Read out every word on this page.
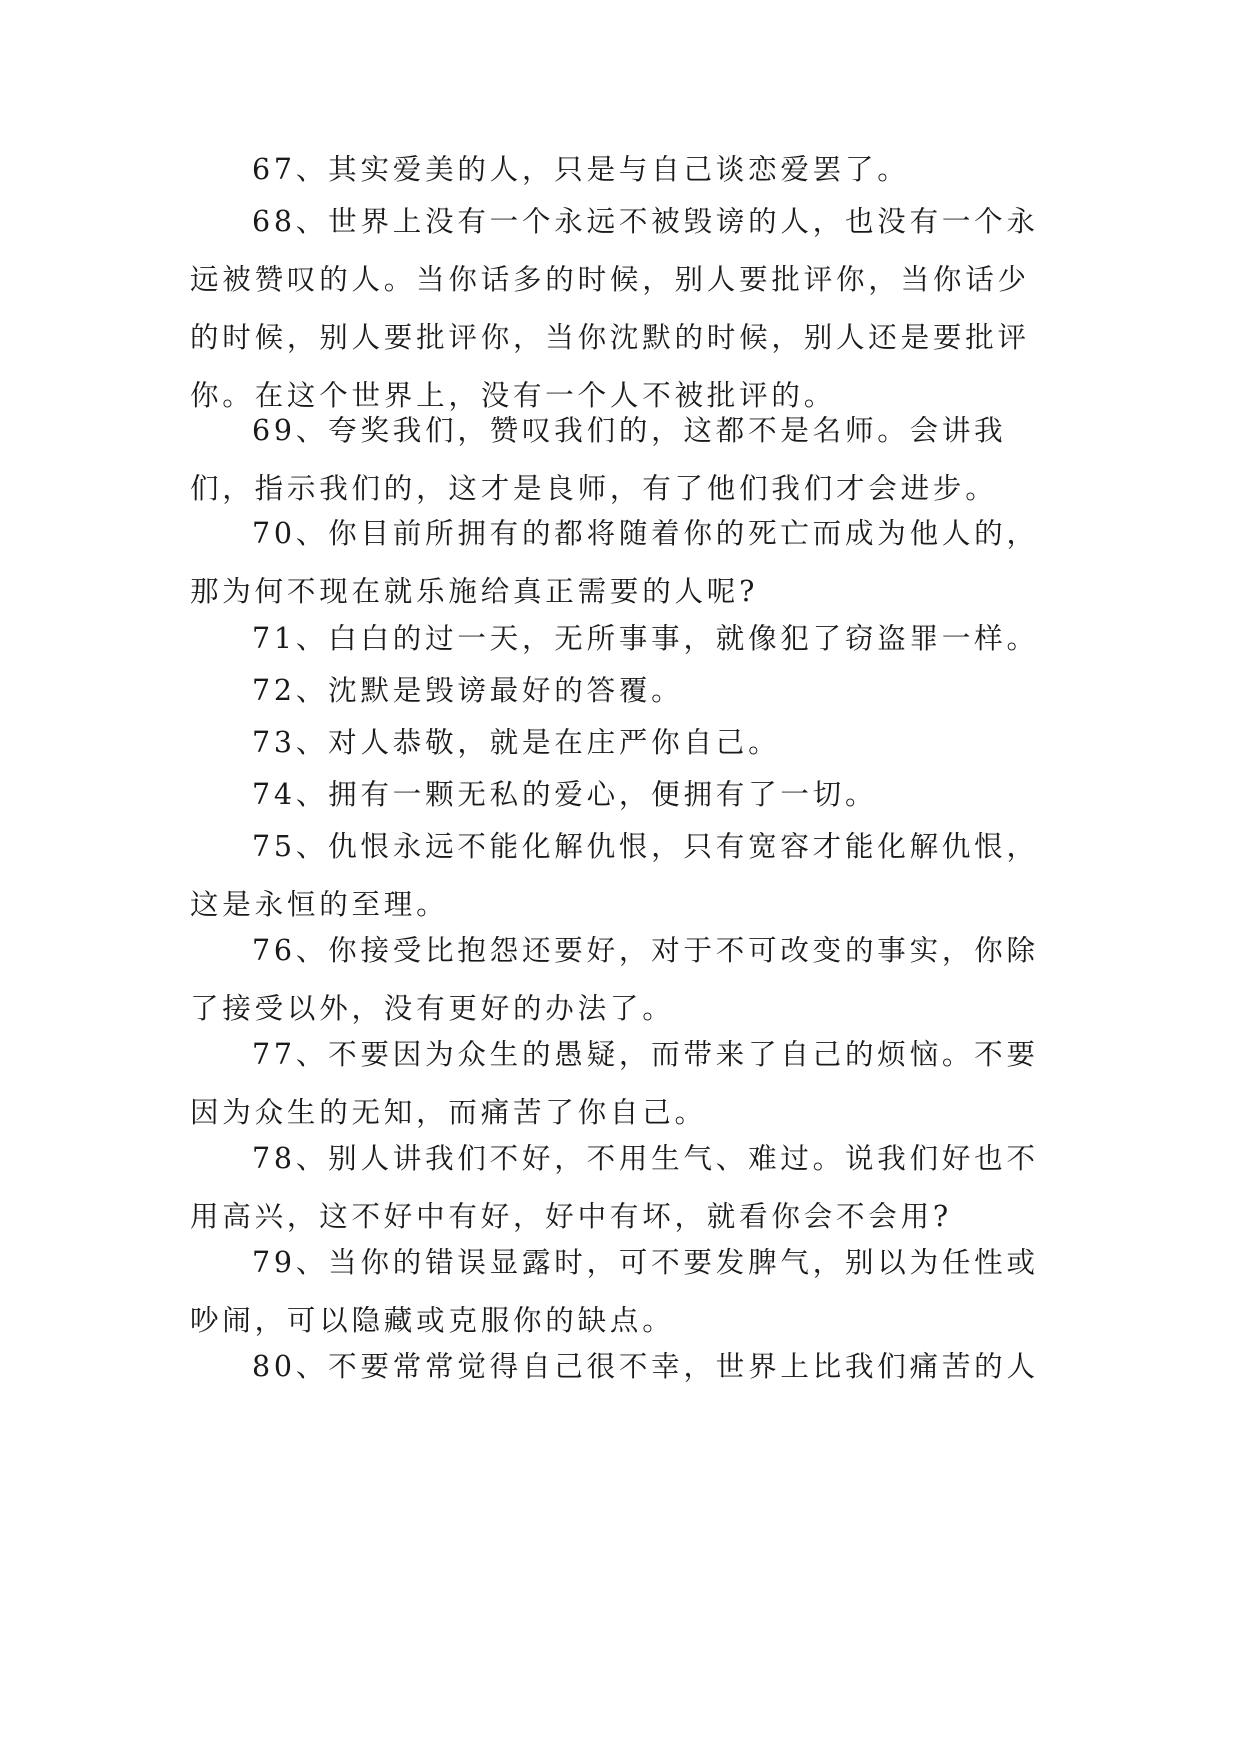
67、其实爱美的人，只是与自己谈恋爱罢了。

68、世界上没有一个永远不被毁谤的人，也没有一个永远被赞叹的人。当你话多的时候，别人要批评你，当你话少的时候，别人要批评你，当你沈默的时候，别人还是要批评你。在这个世界上，没有一个人不被批评的。

69、夸奖我们，赞叹我们的，这都不是名师。会讲我们，指示我们的，这才是良师，有了他们我们才会进步。

70、你目前所拥有的都将随着你的死亡而成为他人的，那为何不现在就乐施给真正需要的人呢?

71、白白的过一天，无所事事，就像犯了窃盗罪一样。

72、沈默是毁谤最好的答覆。

73、对人恭敬，就是在庄严你自己。

74、拥有一颗无私的爱心，便拥有了一切。

75、仇恨永远不能化解仇恨，只有宽容才能化解仇恨，这是永恒的至理。

76、你接受比抱怨还要好，对于不可改变的事实，你除了接受以外，没有更好的办法了。

77、不要因为众生的愚疑，而带来了自己的烦恼。不要因为众生的无知，而痛苦了你自己。

78、别人讲我们不好，不用生气、难过。说我们好也不用高兴，这不好中有好，好中有坏，就看你会不会用?

79、当你的错误显露时，可不要发脾气，别以为任性或吵闹，可以隐藏或克服你的缺点。

80、不要常常觉得自己很不幸，世界上比我们痛苦的人
